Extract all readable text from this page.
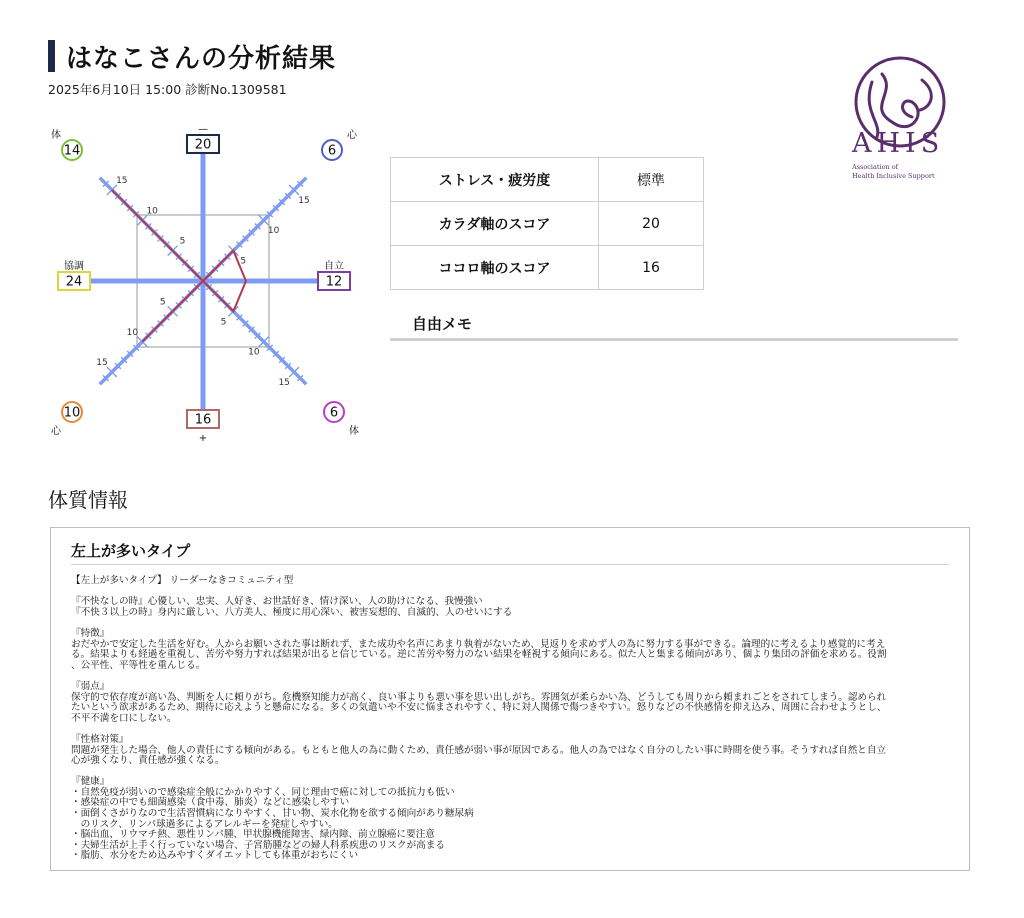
はなこさんの分析結果
2025年6月10日 15:00 診断No.1309581
5
10
15
5
10
15
5
10
15
5
10
15
20
—
6
心
12
自立
6
体
16
+
10
心
24
協調
14
体	AHIS
Association of
Health Inclusive Support
ストレス・疲労度	標準
カラダ軸のスコア	20
ココロ軸のスコア	16
自由メモ
体質情報
左上が多いタイプ

【左上が多いタイプ】 リーダーなきコミュニティ型

『不快なしの時』心優しい、忠実、人好き、お世話好き、情け深い、人の助けになる、我慢強い

『不快３以上の時』身内に厳しい、八方美人、極度に用心深い、被害妄想的、自滅的、人のせいにする

『特徴』

おだやかで安定した生活を好む。人からお願いされた事は断れず、また成功や名声にあまり執着がないため、見返りを求めず人の為に努力する事ができる。論理的に考えるより感覚的に考え

る。結果よりも経過を重視し、苦労や努力すれば結果が出ると信じている。逆に苦労や努力のない結果を軽視する傾向にある。似た人と集まる傾向があり、個より集団の評価を求める。役割

、公平性、平等性を重んじる。

『弱点』

保守的で依存度が高い為、判断を人に頼りがち。危機察知能力が高く、良い事よりも悪い事を思い出しがち。雰囲気が柔らかい為、どうしても周りから頼まれごとをされてしまう。認められ

たいという欲求があるため、期待に応えようと懸命になる。多くの気遣いや不安に悩まされやすく、特に対人関係で傷つきやすい。怒りなどの不快感情を抑え込み、周囲に合わせようとし、

不平不満を口にしない。

『性格対策』

問題が発生した場合、他人の責任にする傾向がある。もともと他人の為に動くため、責任感が弱い事が原因である。他人の為ではなく自分のしたい事に時間を使う事。そうすれば自然と自立

心が強くなり、責任感が強くなる。

『健康』

・自然免疫が弱いので感染症全般にかかりやすく、同じ理由で癌に対しての抵抗力も低い

・感染症の中でも細菌感染（食中毒、肺炎）などに感染しやすい

・面倒くさがりなので生活習慣病になりやすく、甘い物、炭水化物を欲する傾向があり糖尿病

　のリスク、リンパ球過多によるアレルギーを発症しやすい。

・脳出血、リウマチ熱、悪性リンパ腫、甲状腺機能障害、緑内障、前立腺癌に要注意

・夫婦生活が上手く行っていない場合、子宮筋腫などの婦人科系疾患のリスクが高まる

・脂肪、水分をため込みやすくダイエットしても体重がおちにくい
